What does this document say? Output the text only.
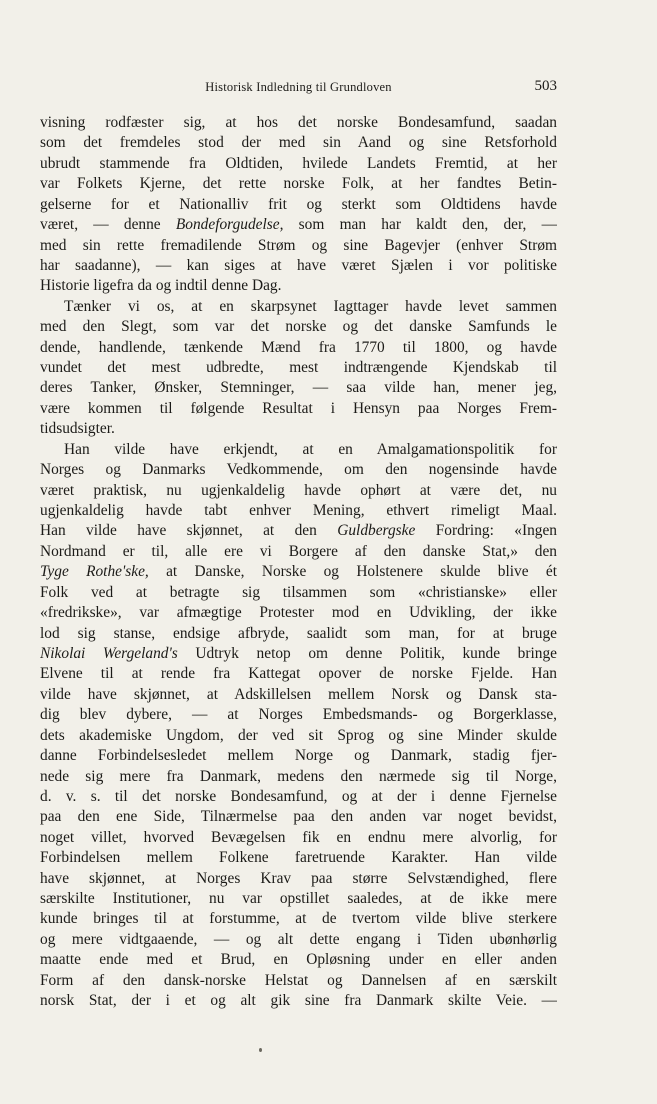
Historisk Indledning til Grundloven	503
visning rodfæster sig, at hos det norske Bondesamfund, saadan
som det fremdeles stod der med sin Aand og sine Retsforhold
ubrudt stammende fra Oldtiden, hvilede Landets Fremtid, at her
var Folkets Kjerne, det rette norske Folk, at her fandtes Betin-
gelserne for et Nationalliv frit og sterkt som Oldtidens havde
været, — denne Bondeforgudelse, som man har kaldt den, der, —
med sin rette fremadilende Strøm og sine Bagevjer (enhver Strøm
har saadanne), — kan siges at have været Sjælen i vor politiske
Historie ligefra da og indtil denne Dag.
Tænker vi os, at en skarpsynet Iagttager havde levet sammen
med den Slegt, som var det norske og det danske Samfunds le
dende, handlende, tænkende Mænd fra 1770 til 1800, og havde
vundet det mest udbredte, mest indtrængende Kjendskab til
deres Tanker, Ønsker, Stemninger, — saa vilde han, mener jeg,
være kommen til følgende Resultat i Hensyn paa Norges Frem-
tidsudsigter.
Han vilde have erkjendt, at en Amalgamationspolitik for
Norges og Danmarks Vedkommende, om den nogensinde havde
været praktisk, nu ugjenkaldelig havde ophørt at være det, nu
ugjenkaldelig havde tabt enhver Mening, ethvert rimeligt Maal.
Han vilde have skjønnet, at den Guldbergske Fordring: «Ingen
Nordmand er til, alle ere vi Borgere af den danske Stat,» den
Tyge Rothe'ske, at Danske, Norske og Holstenere skulde blive ét
Folk ved at betragte sig tilsammen som «christianske» eller
«fredrikske», var afmægtige Protester mod en Udvikling, der ikke
lod sig stanse, endsige afbryde, saalidt som man, for at bruge
Nikolai Wergeland's Udtryk netop om denne Politik, kunde bringe
Elvene til at rende fra Kattegat opover de norske Fjelde. Han
vilde have skjønnet, at Adskillelsen mellem Norsk og Dansk sta-
dig blev dybere, — at Norges Embedsmands- og Borgerklasse,
dets akademiske Ungdom, der ved sit Sprog og sine Minder skulde
danne Forbindelsesledet mellem Norge og Danmark, stadig fjer-
nede sig mere fra Danmark, medens den nærmede sig til Norge,
d. v. s. til det norske Bondesamfund, og at der i denne Fjernelse
paa den ene Side, Tilnærmelse paa den anden var noget bevidst,
noget villet, hvorved Bevægelsen fik en endnu mere alvorlig, for
Forbindelsen mellem Folkene faretruende Karakter. Han vilde
have skjønnet, at Norges Krav paa større Selvstændighed, flere
særskilte Institutioner, nu var opstillet saaledes, at de ikke mere
kunde bringes til at forstumme, at de tvertom vilde blive sterkere
og mere vidtgaaende, — og alt dette engang i Tiden ubønhørlig
maatte ende med et Brud, en Opløsning under en eller anden
Form af den dansk-norske Helstat og Dannelsen af en særskilt
norsk Stat, der i et og alt gik sine fra Danmark skilte Veie. —
